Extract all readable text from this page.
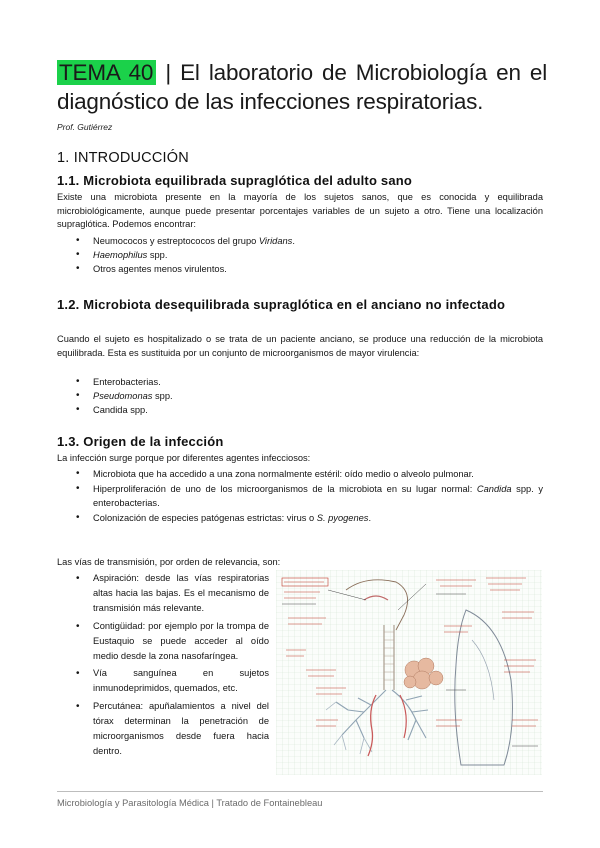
TEMA 40 | El laboratorio de Microbiología en el diagnóstico de las infecciones respiratorias.
Prof. Gutiérrez
1. INTRODUCCIÓN
1.1. Microbiota equilibrada supraglótica del adulto sano

Existe una microbiota presente en la mayoría de los sujetos sanos, que es conocida y equilibrada microbiológicamente, aunque puede presentar porcentajes variables de un sujeto a otro. Tiene una localización supraglótica. Podemos encontrar:

• Neumococos y estreptococos del grupo Viridans.
• Haemophilus spp.
• Otros agentes menos virulentos.
1.2. Microbiota desequilibrada supraglótica en el anciano no infectado

Cuando el sujeto es hospitalizado o se trata de un paciente anciano, se produce una reducción de la microbiota equilibrada. Esta es sustituida por un conjunto de microorganismos de mayor virulencia:

• Enterobacterias.
• Pseudomonas spp.
• Candida spp.
1.3. Origen de la infección

La infección surge porque por diferentes agentes infecciosos:

• Microbiota que ha accedido a una zona normalmente estéril: oído medio o alveolo pulmonar.
• Hiperproliferación de uno de los microorganismos de la microbiota en su lugar normal: Candida spp. y enterobacterias.
• Colonización de especies patógenas estrictas: virus o S. pyogenes.

Las vías de transmisión, por orden de relevancia, son:

• Aspiración: desde las vías respiratorias altas hacia las bajas. Es el mecanismo de transmisión más relevante.
• Contigüidad: por ejemplo por la trompa de Eustaquio se puede acceder al oído medio desde la zona nasofaríngea.
• Vía sanguínea en sujetos inmunodeprimidos, quemados, etc.
• Percutánea: apuñalamientos a nivel del tórax determinan la penetración de microorganismos desde fuera hacia dentro.
Microbiología y Parasitología Médica | Tratado de Fontainebleau
